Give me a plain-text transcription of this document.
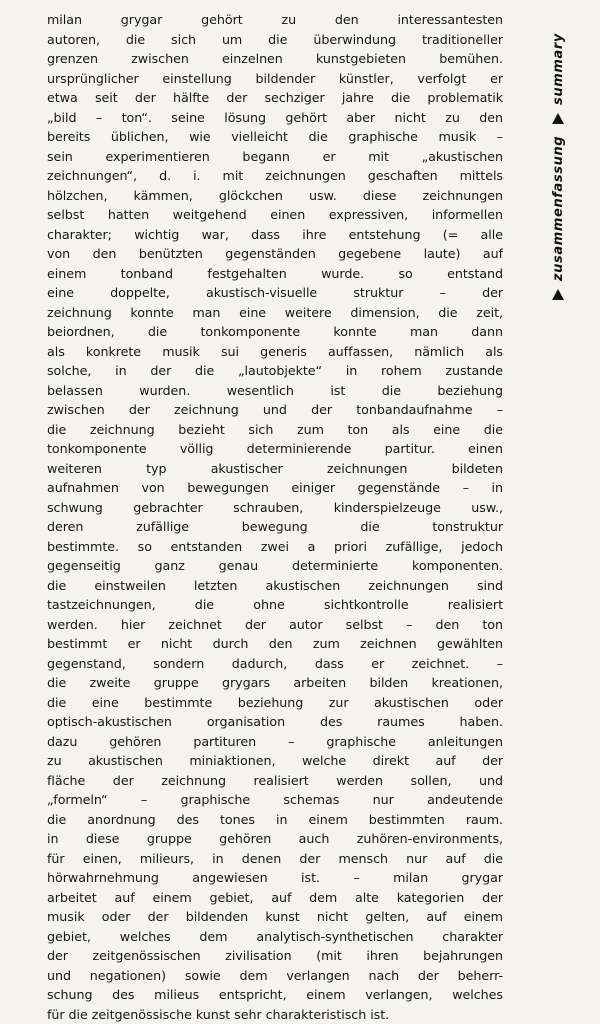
milan grygar gehört zu den interessantesten
autoren, die sich um die überwindung traditioneller
grenzen zwischen einzelnen kunstgebieten bemühen.
ursprünglicher einstellung bildender künstler, verfolgt er
etwa seit der hälfte der sechziger jahre die problematik
„bild – ton“. seine lösung gehört aber nicht zu den
bereits üblichen, wie vielleicht die graphische musik –
sein experimentieren begann er mit „akustischen
zeichnungen“, d. i. mit zeichnungen geschaften mittels
hölzchen, kämmen, glöckchen usw. diese zeichnungen
selbst hatten weitgehend einen expressiven, informellen
charakter; wichtig war, dass ihre entstehung (= alle
von den benützten gegenständen gegebene laute) auf
einem tonband festgehalten wurde. so entstand
eine doppelte, akustisch-visuelle struktur – der
zeichnung konnte man eine weitere dimension, die zeit,
beiordnen, die tonkomponente konnte man dann
als konkrete musik sui generis auffassen, nämlich als
solche, in der die „lautobjekte“ in rohem zustande
belassen wurden. wesentlich ist die beziehung
zwischen der zeichnung und der tonbandaufnahme –
die zeichnung bezieht sich zum ton als eine die
tonkomponente völlig determinierende partitur. einen
weiteren typ akustischer zeichnungen bildeten
aufnahmen von bewegungen einiger gegenstände – in
schwung gebrachter schrauben, kinderspielzeuge usw.,
deren zufällige bewegung die tonstruktur
bestimmte. so entstanden zwei a priori zufällige, jedoch
gegenseitig ganz genau determinierte komponenten.
die einstweilen letzten akustischen zeichnungen sind
tastzeichnungen, die ohne sichtkontrolle realisiert
werden. hier zeichnet der autor selbst – den ton
bestimmt er nicht durch den zum zeichnen gewählten
gegenstand, sondern dadurch, dass er zeichnet. –
die zweite gruppe grygars arbeiten bilden kreationen,
die eine bestimmte beziehung zur akustischen oder
optisch-akustischen organisation des raumes haben.
dazu gehören partituren – graphische anleitungen
zu akustischen miniaktionen, welche direkt auf der
fläche der zeichnung realisiert werden sollen, und
„formeln“ – graphische schemas nur andeutende
die anordnung des tones in einem bestimmten raum.
in diese gruppe gehören auch zuhören-environments,
für einen, milieurs, in denen der mensch nur auf die
hörwahrnehmung angewiesen ist. – milan grygar
arbeitet auf einem gebiet, auf dem alte kategorien der
musik oder der bildenden kunst nicht gelten, auf einem
gebiet, welches dem analytisch-synthetischen charakter
der zeitgenössischen zivilisation (mit ihren bejahrungen
und negationen) sowie dem verlangen nach der beherr-
schung des milieus entspricht, einem verlangen, welches
für die zeitgenössische kunst sehr charakteristisch ist.
summary
zusammenfassung
